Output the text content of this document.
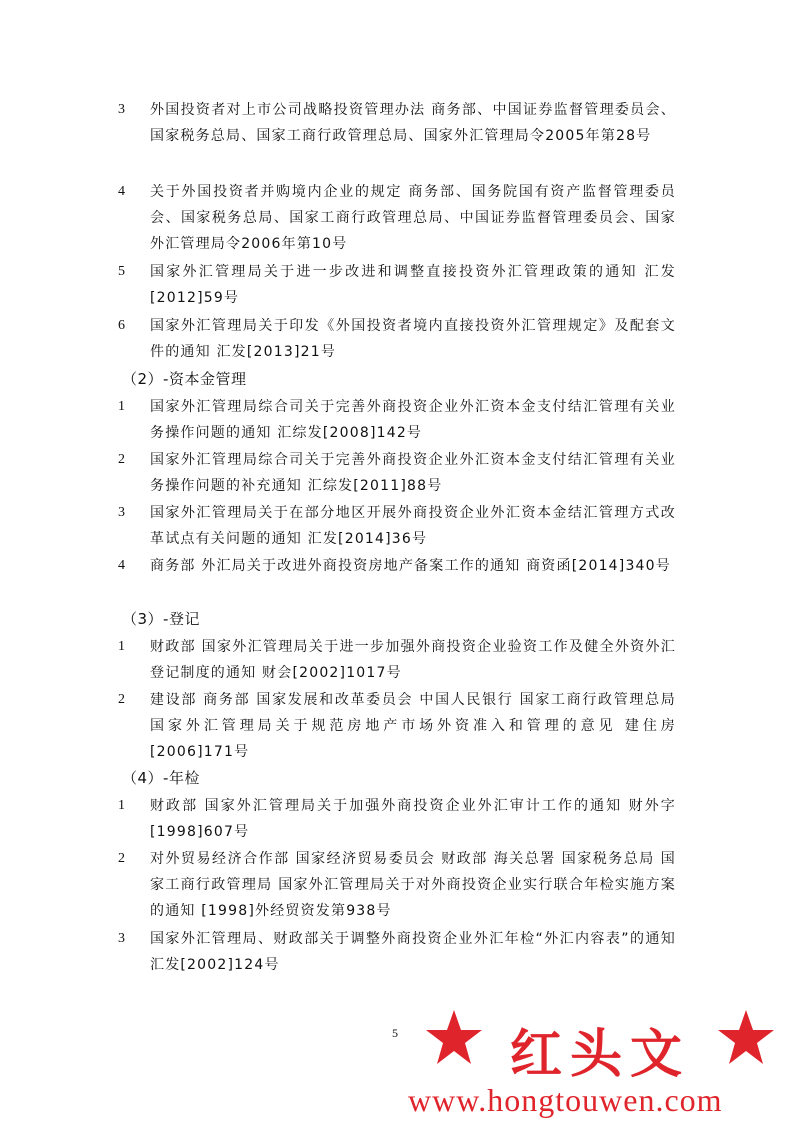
3	外国投资者对上市公司战略投资管理办法 商务部、中国证券监督管理委员会、国家税务总局、国家工商行政管理总局、国家外汇管理局令2005年第28号
4	关于外国投资者并购境内企业的规定 商务部、国务院国有资产监督管理委员会、国家税务总局、国家工商行政管理总局、中国证券监督管理委员会、国家外汇管理局令2006年第10号
5	国家外汇管理局关于进一步改进和调整直接投资外汇管理政策的通知 汇发[2012]59号
6	国家外汇管理局关于印发《外国投资者境内直接投资外汇管理规定》及配套文件的通知 汇发[2013]21号
（2）-资本金管理
1	国家外汇管理局综合司关于完善外商投资企业外汇资本金支付结汇管理有关业务操作问题的通知 汇综发[2008]142号
2	国家外汇管理局综合司关于完善外商投资企业外汇资本金支付结汇管理有关业务操作问题的补充通知 汇综发[2011]88号
3	国家外汇管理局关于在部分地区开展外商投资企业外汇资本金结汇管理方式改革试点有关问题的通知 汇发[2014]36号
4	商务部 外汇局关于改进外商投资房地产备案工作的通知 商资函[2014]340号
（3）-登记
1	财政部 国家外汇管理局关于进一步加强外商投资企业验资工作及健全外资外汇登记制度的通知 财会[2002]1017号
2	建设部 商务部 国家发展和改革委员会 中国人民银行 国家工商行政管理总局 国家外汇管理局关于规范房地产市场外资准入和管理的意见 建住房[2006]171号
（4）-年检
1	财政部 国家外汇管理局关于加强外商投资企业外汇审计工作的通知 财外字[1998]607号
2	对外贸易经济合作部 国家经济贸易委员会 财政部 海关总署 国家税务总局 国家工商行政管理局 国家外汇管理局关于对外商投资企业实行联合年检实施方案的通知 [1998]外经贸资发第938号
3	国家外汇管理局、财政部关于调整外商投资企业外汇年检“外汇内容表”的通知 汇发[2002]124号
5 红头文
www.hongtouwen.com
